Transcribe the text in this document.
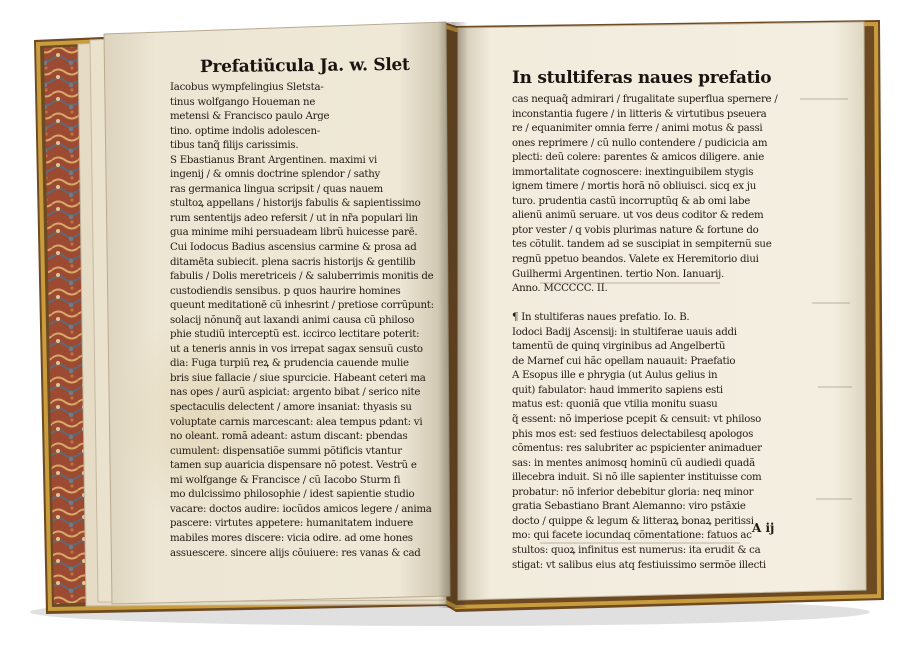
Prefatiũcula Ja. w. Slet
Iacobus wympfelingius Sletsta-
tinus wolfgango Houeman ne
metensi & Francisco paulo Arge
tino. optime indolis adolescen-
tibus tanq̃ filijs carissimis.
S Ebastianus Brant Argentinen. maximi vi
ingenij / & omnis doctrine splendor / sathy
ras germanica lingua scripsit / quas nauem
stultoꝝ appellans / historijs fabulis & sapientissimo
rum sententijs adeo refersit / ut in nr̃a populari lin
gua minime mihi persuadeam librũ huicesse parē.
Cui Iodocus Badius ascensius carmine & prosa ad
ditamēta subiecit. plena sacris historijs & gentilib
fabulis / Dolis meretriceis / & saluberrimis monitis de
custodiendis sensibus. p quos haurire homines
queunt meditationē cũ inhesrint / pretiose corrũpunt:
solacij nõnunq̃ aut laxandi animi causa cũ philoso
phie studiũ interceptũ est. iccirco lectitare poterit:
ut a teneris annis in vos irrepat sagax sensuũ custo
dia: Fuga turpiũ reꝝ & prudencia cauende mulie
bris siue fallacie / siue spurcicie. Habeant ceteri ma
nas opes / aurũ aspiciat: argento bibat / serico nite
spectaculis delectent / amore insaniat: thyasis su
voluptate carnis marcescant: alea tempus pdant: vi
no oleant. romã adeant: astum discant: pbendas
cumulent: dispensatiõe summi põtificis vtantur
tamen sup auaricia dispensare nõ potest. Vestrũ e
mi wolfgange & Francisce / cũ Iacobo Sturm fi
mo dulcissimo philosophie / idest sapientie studio
vacare: doctos audire: iocũdos amicos legere / anima
pascere: virtutes appetere: humanitatem induere
mabiles mores discere: vicia odire. ad ome hones
assuescere. sincere alijs cõuiuere: res vanas & cad
In stultiferas naues prefatio
cas nequaq̃ admirari / frugalitate superflua spernere /
inconstantia fugere / in litteris & virtutibus pseuera
re / equanimiter omnia ferre / animi motus & passi
ones reprimere / cũ nullo contendere / pudicicia am
plecti: deũ colere: parentes & amicos diligere. anie
immortalitate cognoscere: inextinguibilem stygis
ignem timere / mortis horã nõ obliuisci. sicq ex ju
turo. prudentia castũ incorruptũq & ab omi labe
alienũ animũ seruare. ut vos deus coditor & redem
ptor vester / q vobis plurimas nature & fortune do
tes cõtulit. tandem ad se suscipiat in sempiternũ sue
regnũ ppetuo beandos. Valete ex Heremitorio diui
Guilhermi Argentinen. tertio Non. Ianuarij.
Anno. MCCCCC. II.
¶ In stultiferas naues prefatio. Io. B.
Iodoci Badij Ascensij: in stultiferae uauis addi
tamentũ de quinq virginibus ad Angelbertũ
de Marnef cui hãc opellam nauauit: Praefatio
A Esopus ille e phrygia (ut Aulus gelius in
quit) fabulator: haud immerito sapiens esti
matus est: quoniã que vtilia monitu suasu
q̃ essent: nõ imperiose pcepit & censuit: vt philoso
phis mos est: sed festiuos delectabilesq apologos
cõmentus: res salubriter ac pspicienter animaduer
sas: in mentes animosq hominũ cũ audiedi quadã
illecebra induit. Si nõ ille sapienter instituisse com
probatur: nõ inferior debebitur gloria: neq minor
gratia Sebastiano Brant Alemanno: viro pstãxie
docto / quippe & legum & litteraꝝ bonaꝝ peritissi
mo: qui facete iocundaq cõmentatione: fatuos ac
stultos: quoꝝ infinitus est numerus: ita erudit & ca
stigat: vt salibus eius atq festiuissimo sermõe illecti
A ij
